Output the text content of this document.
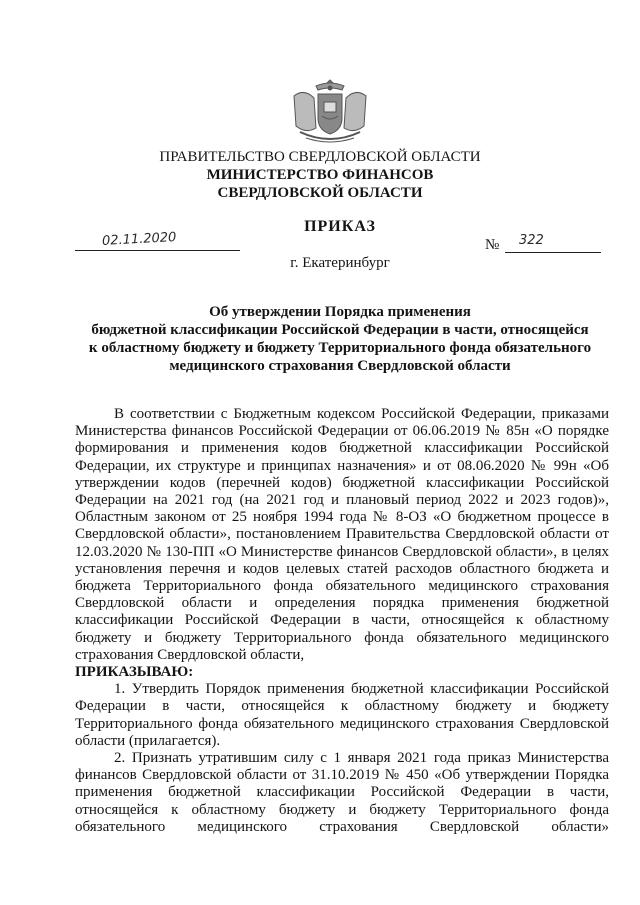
ПРАВИТЕЛЬСТВО СВЕРДЛОВСКОЙ ОБЛАСТИ
МИНИСТЕРСТВО ФИНАНСОВ
СВЕРДЛОВСКОЙ ОБЛАСТИ
ПРИКАЗ
02.11.2020	№ 322
г. Екатеринбург
Об утверждении Порядка применения
бюджетной классификации Российской Федерации в части, относящейся
к областному бюджету и бюджету Территориального фонда обязательного
медицинского страхования Свердловской области

В соответствии с Бюджетным кодексом Российской Федерации, приказами Министерства финансов Российской Федерации от 06.06.2019 № 85н «О порядке формирования и применения кодов бюджетной классификации Российской Федерации, их структуре и принципах назначения» и от 08.06.2020 № 99н «Об утверждении кодов (перечней кодов) бюджетной классификации Российской Федерации на 2021 год (на 2021 год и плановый период 2022 и 2023 годов)», Областным законом от 25 ноября 1994 года № 8-ОЗ «О бюджетном процессе в Свердловской области», постановлением Правительства Свердловской области от 12.03.2020 № 130-ПП «О Министерстве финансов Свердловской области», в целях установления перечня и кодов целевых статей расходов областного бюджета и бюджета Территориального фонда обязательного медицинского страхования Свердловской области и определения порядка применения бюджетной классификации Российской Федерации в части, относящейся к областному бюджету и бюджету Территориального фонда обязательного медицинского страхования Свердловской области,

ПРИКАЗЫВАЮ:

1. Утвердить Порядок применения бюджетной классификации Российской Федерации в части, относящейся к областному бюджету и бюджету Территориального фонда обязательного медицинского страхования Свердловской области (прилагается).

2. Признать утратившим силу с 1 января 2021 года приказ Министерства финансов Свердловской области от 31.10.2019 № 450 «Об утверждении Порядка применения бюджетной классификации Российской Федерации в части, относящейся к областному бюджету и бюджету Территориального фонда обязательного медицинского страхования Свердловской области»
